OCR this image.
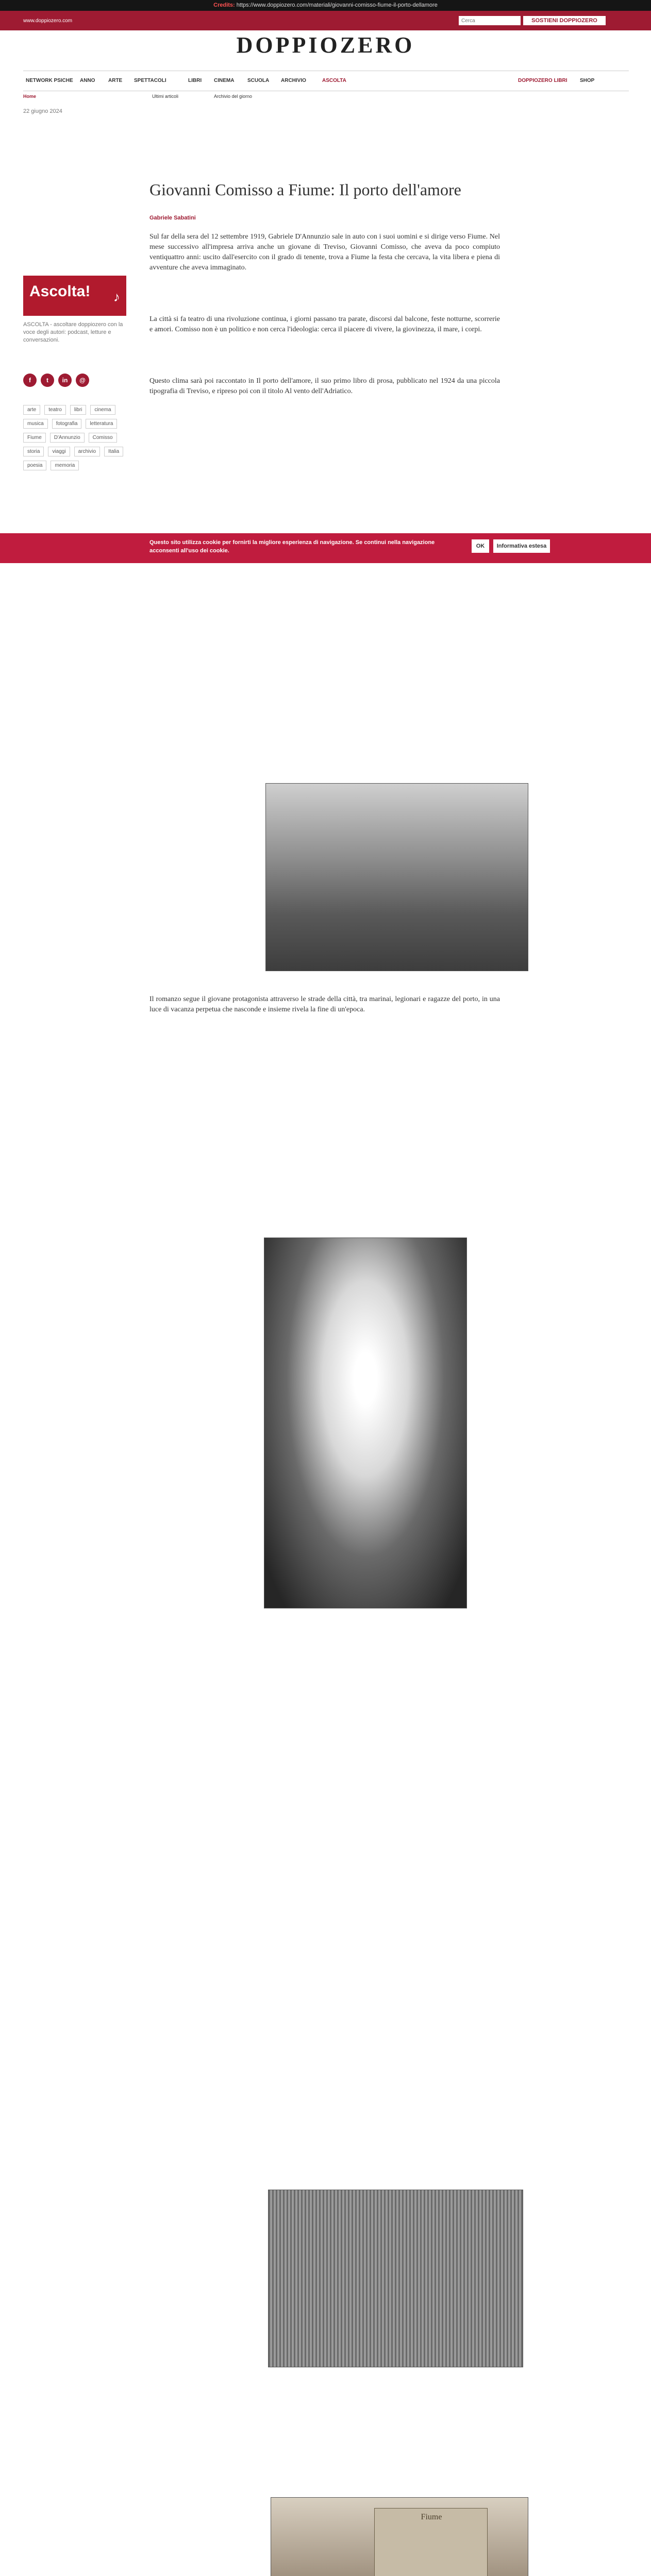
Credits: https://www.doppiozero.com/materiali/giovanni-comisso-fiume-il-porto-dellamore
www.doppiozero.com
Cerca	SOSTIENI DOPPIOZERO
DOPPIOZERO
NETWORK PSICHE ANNO	ARTE SPETTACOLI	LIBRI CINEMA	SCUOLA ARCHIVIO	ASCOLTA	DOPPIOZERO LIBRI SHOP
Home	Ultimi articoli	Archivio del giorno
22 giugno 2024
Ascolta! ♪
ASCOLTA - ascoltare doppiozero con la voce degli autori: podcast, letture e conversazioni.
f	t	in	@
arte teatro libri cinema musica fotografia letteratura Fiume D'Annunzio Comisso storia viaggi archivio Italia poesia memoria
Giovanni Comisso a Fiume: Il porto dell'amore
Gabriele Sabatini

Sul far della sera del 12 settembre 1919, Gabriele D'Annunzio sale in auto con i suoi uomini e si dirige verso Fiume. Nel mese successivo all'impresa arriva anche un giovane di Treviso, Giovanni Comisso, che aveva da poco compiuto ventiquattro anni: uscito dall'esercito con il grado di tenente, trova a Fiume la festa che cercava, la vita libera e piena di avventure che aveva immaginato.

La città si fa teatro di una rivoluzione continua, i giorni passano tra parate, discorsi dal balcone, feste notturne, scorrerie e amori. Comisso non è un politico e non cerca l'ideologia: cerca il piacere di vivere, la giovinezza, il mare, i corpi.

Questo clima sarà poi raccontato in Il porto dell'amore, il suo primo libro di prosa, pubblicato nel 1924 da una piccola tipografia di Treviso, e ripreso poi con il titolo Al vento dell'Adriatico.

Il romanzo segue il giovane protagonista attraverso le strade della città, tra marinai, legionari e ragazze del porto, in una luce di vacanza perpetua che nasconde e insieme rivela la fine di un'epoca.

Questo sito utilizza cookie per fornirti la migliore esperienza di navigazione. Se continui nella navigazione acconsenti all'uso dei cookie.
OK	Informativa estesa
Fiume
